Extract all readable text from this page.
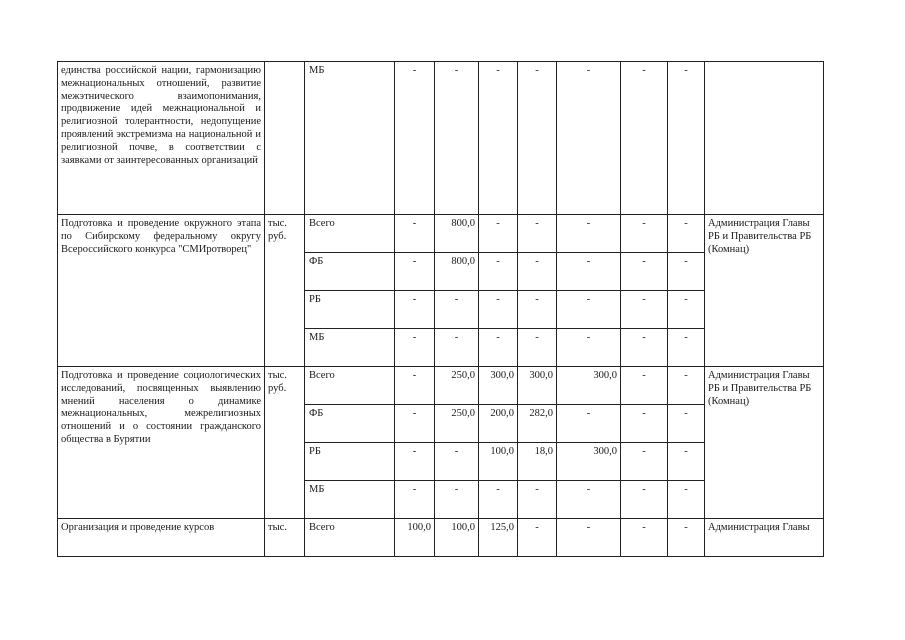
единства российской нации, гармонизацию межнациональных отношений, развитие межэтнического взаимопонимания, продвижение идей межнациональной и религиозной толерантности, недопущение проявлений экстремизма на национальной и религиозной почве, в соответствии с заявками от заинтересованных организаций		МБ	-	-	-	-	-	-	-	
Подготовка и проведение окружного этапа по Сибирскому федеральному округу Всероссийского конкурса "СМИротворец"	тыс. руб.	Всего	-	800,0	-	-	-	-	-	Администрация Главы РБ и Правительства РБ (Комнац)
		ФБ	-	800,0	-	-	-	-	-	
		РБ	-	-	-	-	-	-	-	
		МБ	-	-	-	-	-	-	-	
Подготовка и проведение социологических исследований, посвященных выявлению мнений населения о динамике межнациональных, межрелигиозных отношений и о состоянии гражданского общества в Бурятии	тыс. руб.	Всего	-	250,0	300,0	300,0	300,0	-	-	Администрация Главы РБ и Правительства РБ (Комнац)
		ФБ	-	250,0	200,0	282,0	-	-	-	
		РБ	-	-	100,0	18,0	300,0	-	-	
		МБ	-	-	-	-	-	-	-	
Организация и проведение курсов	тыс.	Всего	100,0	100,0	125,0	-	-	-	-	Администрация Главы
